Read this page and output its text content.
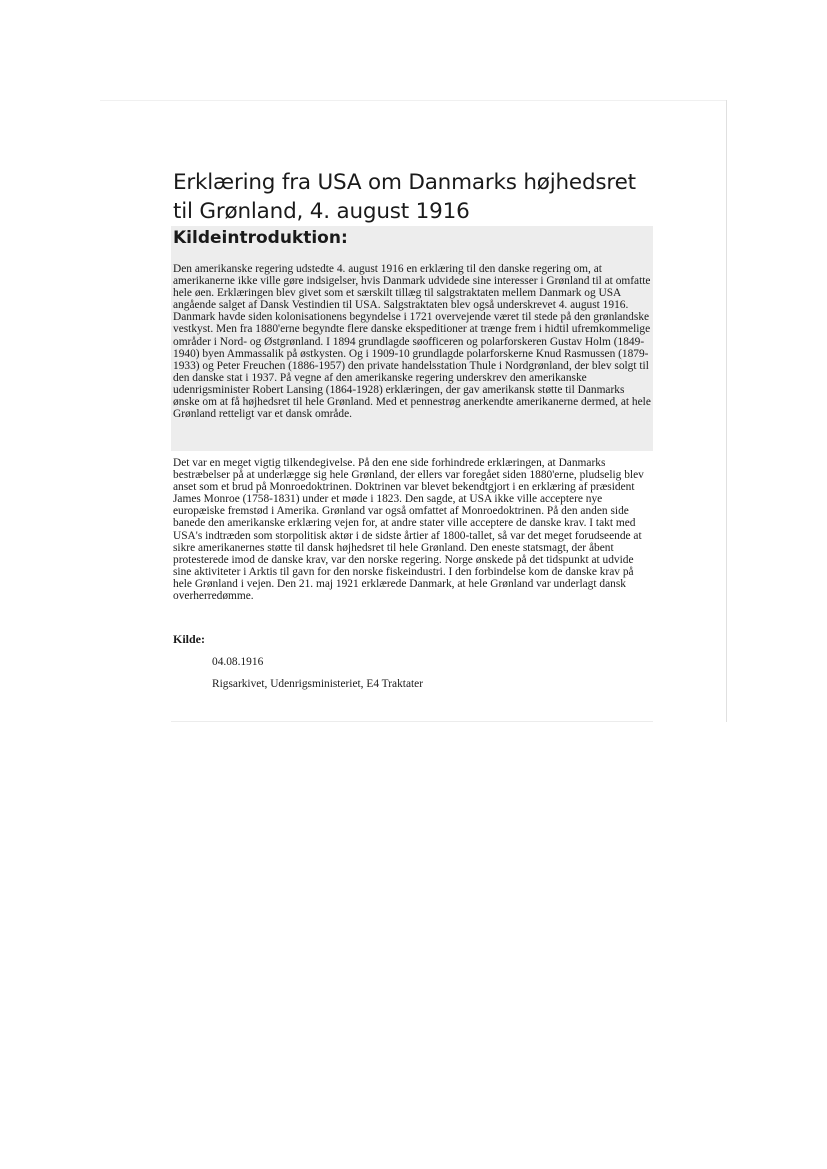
Erklæring fra USA om Danmarks højhedsret til Grønland, 4. august 1916
Kildeintroduktion:

Den amerikanske regering udstedte 4. august 1916 en erklæring til den danske regering om, at amerikanerne ikke ville gøre indsigelser, hvis Danmark udvidede sine interesser i Grønland til at omfatte hele øen. Erklæringen blev givet som et særskilt tillæg til salgstraktaten mellem Danmark og USA angående salget af Dansk Vestindien til USA. Salgstraktaten blev også underskrevet 4. august 1916. Danmark havde siden kolonisationens begyndelse i 1721 overvejende været til stede på den grønlandske vestkyst. Men fra 1880'erne begyndte flere danske ekspeditioner at trænge frem i hidtil ufremkommelige områder i Nord- og Østgrønland. I 1894 grundlagde søofficeren og polarforskeren Gustav Holm (1849-1940) byen Ammassalik på østkysten. Og i 1909-10 grundlagde polarforskerne Knud Rasmussen (1879-1933) og Peter Freuchen (1886-1957) den private handelsstation Thule i Nordgrønland, der blev solgt til den danske stat i 1937. På vegne af den amerikanske regering underskrev den amerikanske udenrigsminister Robert Lansing (1864-1928) erklæringen, der gav amerikansk støtte til Danmarks ønske om at få højhedsret til hele Grønland. Med et pennestrøg anerkendte amerikanerne dermed, at hele Grønland retteligt var et dansk område.

Det var en meget vigtig tilkendegivelse. På den ene side forhindrede erklæringen, at Danmarks bestræbelser på at underlægge sig hele Grønland, der ellers var foregået siden 1880'erne, pludselig blev anset som et brud på Monroedoktrinen. Doktrinen var blevet bekendtgjort i en erklæring af præsident James Monroe (1758-1831) under et møde i 1823. Den sagde, at USA ikke ville acceptere nye europæiske fremstød i Amerika. Grønland var også omfattet af Monroedoktrinen. På den anden side banede den amerikanske erklæring vejen for, at andre stater ville acceptere de danske krav. I takt med USA's indtræden som storpolitisk aktør i de sidste årtier af 1800-tallet, så var det meget forudseende at sikre amerikanernes støtte til dansk højhedsret til hele Grønland. Den eneste statsmagt, der åbent protesterede imod de danske krav, var den norske regering. Norge ønskede på det tidspunkt at udvide sine aktiviteter i Arktis til gavn for den norske fiskeindustri. I den forbindelse kom de danske krav på hele Grønland i vejen. Den 21. maj 1921 erklærede Danmark, at hele Grønland var underlagt dansk overherredømme.

Kilde:
04.08.1916
Rigsarkivet, Udenrigsministeriet, E4 Traktater
